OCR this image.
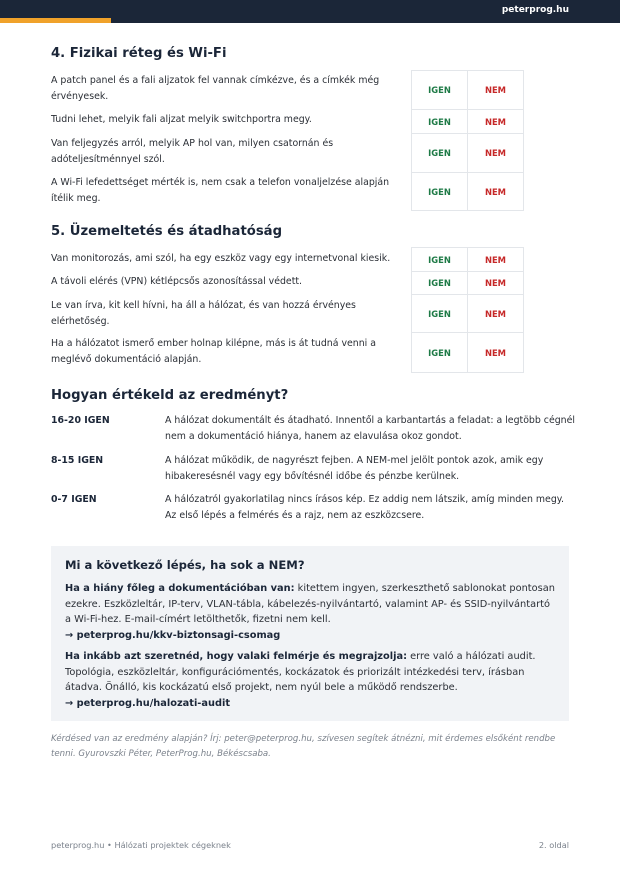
peterprog.hu
4. Fizikai réteg és Wi-Fi
A patch panel és a fali aljzatok fel vannak címkézve, és a címkék még érvényesek.
Tudni lehet, melyik fali aljzat melyik switchportra megy.
Van feljegyzés arról, melyik AP hol van, milyen csatornán és adóteljesítménnyel szól.
A Wi-Fi lefedettséget mérték is, nem csak a telefon vonaljelzése alapján ítélik meg.
IGEN	NEM
IGEN	NEM
IGEN	NEM
IGEN	NEM
5. Üzemeltetés és átadhatóság
Van monitorozás, ami szól, ha egy eszköz vagy egy internetvonal kiesik.
A távoli elérés (VPN) kétlépcsős azonosítással védett.
Le van írva, kit kell hívni, ha áll a hálózat, és van hozzá érvényes elérhetőség.
Ha a hálózatot ismerő ember holnap kilépne, más is át tudná venni a meglévő dokumentáció alapján.
IGEN	NEM
IGEN	NEM
IGEN	NEM
IGEN	NEM
Hogyan értékeld az eredményt?
16-20 IGEN	A hálózat dokumentált és átadható. Innentől a karbantartás a feladat: a legtöbb cégnél nem a dokumentáció hiánya, hanem az elavulása okoz gondot.
8-15 IGEN	A hálózat működik, de nagyrészt fejben. A NEM-mel jelölt pontok azok, amik egy hibakeresésnél vagy egy bővítésnél időbe és pénzbe kerülnek.
0-7 IGEN	A hálózatról gyakorlatilag nincs írásos kép. Ez addig nem látszik, amíg minden megy. Az első lépés a felmérés és a rajz, nem az eszközcsere.
Mi a következő lépés, ha sok a NEM?
Ha a hiány főleg a dokumentációban van: kitettem ingyen, szerkeszthető sablonokat pontosan ezekre. Eszközleltár, IP-terv, VLAN-tábla, kábelezés-nyilvántartó, valamint AP- és SSID-nyilvántartó a Wi-Fi-hez. E-mail-címért letölthetők, fizetni nem kell.
→ peterprog.hu/kkv-biztonsagi-csomag
Ha inkább azt szeretnéd, hogy valaki felmérje és megrajzolja: erre való a hálózati audit. Topológia, eszközleltár, konfigurációmentés, kockázatok és priorizált intézkedési terv, írásban átadva. Önálló, kis kockázatú első projekt, nem nyúl bele a működő rendszerbe.
→ peterprog.hu/halozati-audit
Kérdésed van az eredmény alapján? Írj: peter@peterprog.hu, szívesen segítek átnézni, mit érdemes elsőként rendbe tenni. Gyurovszki Péter, PeterProg.hu, Békéscsaba.
peterprog.hu • Hálózati projektek cégeknek	2. oldal
